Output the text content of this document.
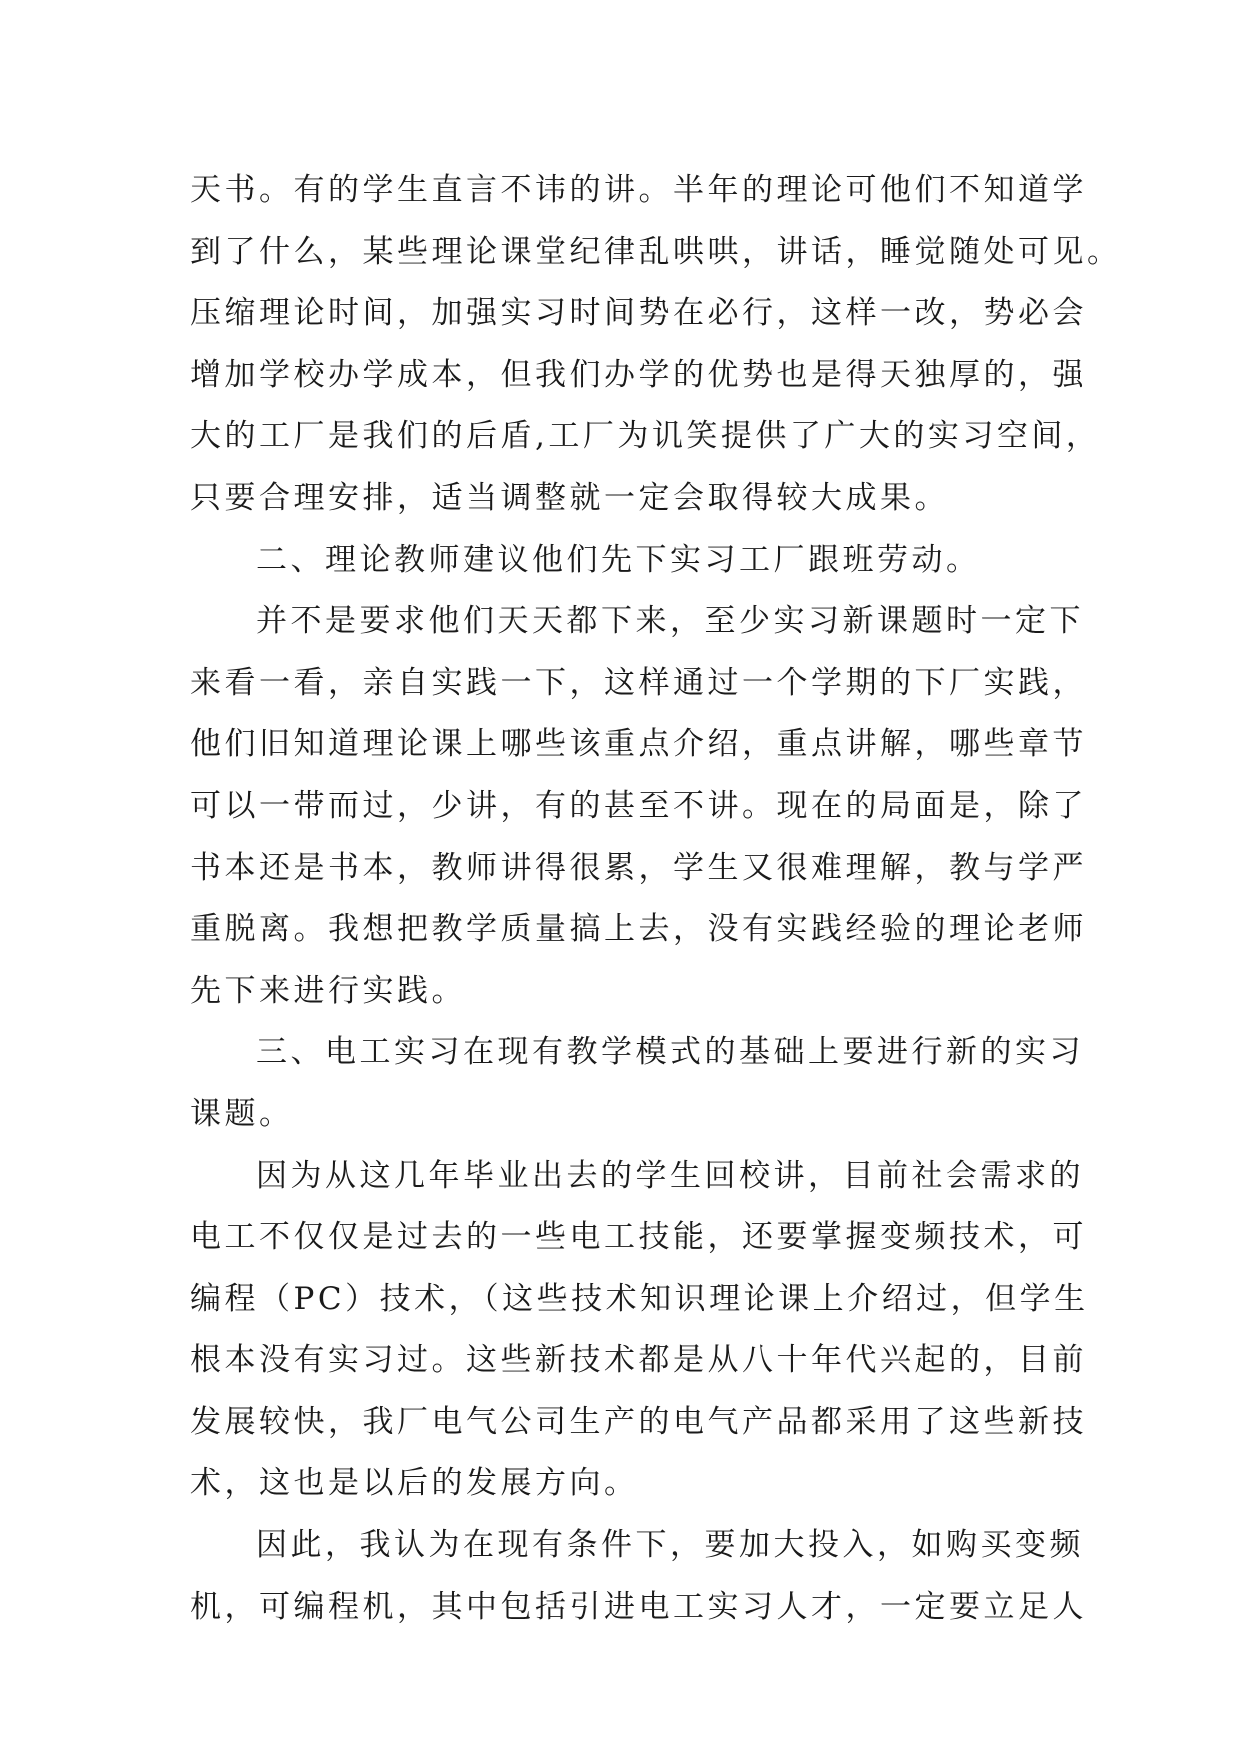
天书。有的学生直言不讳的讲。半年的理论可他们不知道学
到了什么，某些理论课堂纪律乱哄哄，讲话，睡觉随处可见。
压缩理论时间，加强实习时间势在必行，这样一改，势必会
增加学校办学成本，但我们办学的优势也是得天独厚的，强
大的工厂是我们的后盾,工厂为讥笑提供了广大的实习空间，
只要合理安排，适当调整就一定会取得较大成果。
二、理论教师建议他们先下实习工厂跟班劳动。
并不是要求他们天天都下来，至少实习新课题时一定下
来看一看，亲自实践一下，这样通过一个学期的下厂实践，
他们旧知道理论课上哪些该重点介绍，重点讲解，哪些章节
可以一带而过，少讲，有的甚至不讲。现在的局面是，除了
书本还是书本，教师讲得很累，学生又很难理解，教与学严
重脱离。我想把教学质量搞上去，没有实践经验的理论老师
先下来进行实践。
三、电工实习在现有教学模式的基础上要进行新的实习
课题。
因为从这几年毕业出去的学生回校讲，目前社会需求的
电工不仅仅是过去的一些电工技能，还要掌握变频技术，可
编程（PC）技术，（这些技术知识理论课上介绍过，但学生
根本没有实习过。这些新技术都是从八十年代兴起的，目前
发展较快，我厂电气公司生产的电气产品都采用了这些新技
术，这也是以后的发展方向。
因此，我认为在现有条件下，要加大投入，如购买变频
机，可编程机，其中包括引进电工实习人才，一定要立足人
